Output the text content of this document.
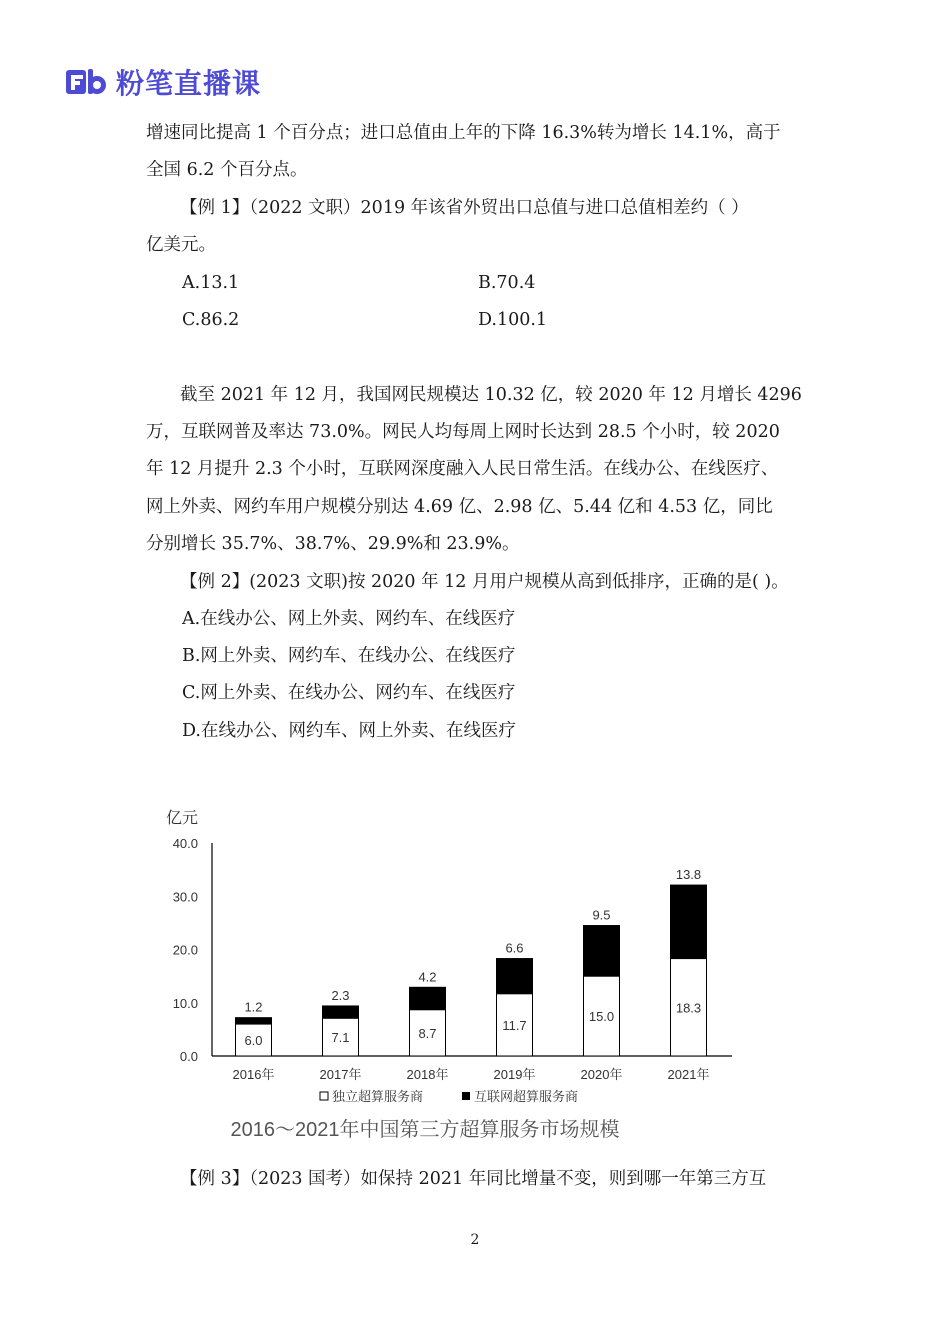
粉笔直播课
增速同比提高 1 个百分点；进口总值由上年的下降 16.3%转为增长 14.1%，高于
全国 6.2 个百分点。
【例 1】（2022 文职）2019 年该省外贸出口总值与进口总值相差约（ ）
亿美元。
A.13.1	B.70.4
C.86.2	D.100.1
截至 2021 年 12 月，我国网民规模达 10.32 亿，较 2020 年 12 月增长 4296
万，互联网普及率达 73.0%。网民人均每周上网时长达到 28.5 个小时，较 2020
年 12 月提升 2.3 个小时，互联网深度融入人民日常生活。在线办公、在线医疗、
网上外卖、网约车用户规模分别达 4.69 亿、2.98 亿、5.44 亿和 4.53 亿，同比
分别增长 35.7%、38.7%、29.9%和 23.9%。
【例 2】(2023 文职)按 2020 年 12 月用户规模从高到低排序，正确的是( )。
A.在线办公、网上外卖、网约车、在线医疗
B.网上外卖、网约车、在线办公、在线医疗
C.网上外卖、在线办公、网约车、在线医疗
D.在线办公、网约车、网上外卖、在线医疗
亿元
0.0
10.0
20.0
30.0
40.0
6.0
1.2
2016年
7.1
2.3
2017年
8.7
4.2
2018年
11.7
6.6
2019年
15.0
9.5
2020年
18.3
13.8
2021年
独立超算服务商	互联网超算服务商
2016～2021年中国第三方超算服务市场规模
【例 3】（2023 国考）如保持 2021 年同比增量不变，则到哪一年第三方互
2
